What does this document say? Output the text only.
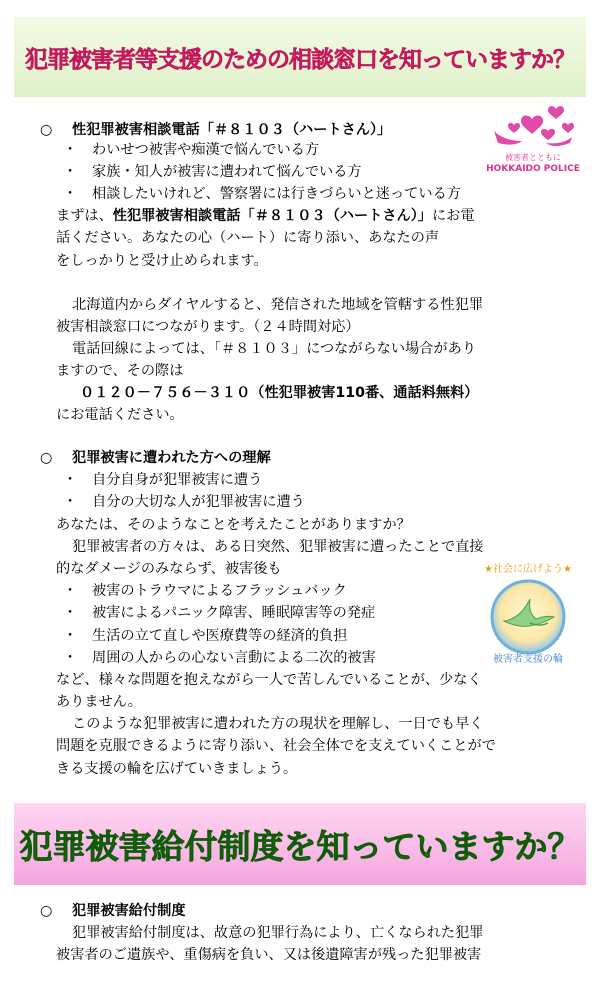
犯罪被害者等支援のための相談窓口を知っていますか？
○ 性犯罪被害相談電話「＃８１０３（ハートさん）」
・ わいせつ被害や痴漢で悩んでいる方
・ 家族・知人が被害に遭われて悩んでいる方
・ 相談したいけれど、警察署には行きづらいと迷っている方
まずは、性犯罪被害相談電話「＃８１０３（ハートさん）」にお電
話ください。あなたの心（ハート）に寄り添い、あなたの声
をしっかりと受け止められます。
北海道内からダイヤルすると、発信された地域を管轄する性犯罪
被害相談窓口につながります。（２４時間対応）
電話回線によっては、「＃８１０３」につながらない場合があり
ますので、その際は
０１２０－７５６－３１０（性犯罪被害110番、通話料無料）
にお電話ください。
被害者とともに
HOKKAIDO POLICE
○ 犯罪被害に遭われた方への理解
・ 自分自身が犯罪被害に遭う
・ 自分の大切な人が犯罪被害に遭う
あなたは、そのようなことを考えたことがありますか？
犯罪被害者の方々は、ある日突然、犯罪被害に遭ったことで直接
的なダメージのみならず、被害後も
・ 被害のトラウマによるフラッシュバック
・ 被害によるパニック障害、睡眠障害等の発症
・ 生活の立て直しや医療費等の経済的負担
・ 周囲の人からの心ない言動による二次的被害
など、様々な問題を抱えながら一人で苦しんでいることが、少なく
ありません。
このような犯罪被害に遭われた方の現状を理解し、一日でも早く
問題を克服できるように寄り添い、社会全体でを支えていくことがで
きる支援の輪を広げていきましょう。
★社会に広げよう★
被害者支援の輪
犯罪被害給付制度を知っていますか？
○ 犯罪被害給付制度
犯罪被害給付制度は、故意の犯罪行為により、亡くなられた犯罪
被害者のご遺族や、重傷病を負い、又は後遺障害が残った犯罪被害
